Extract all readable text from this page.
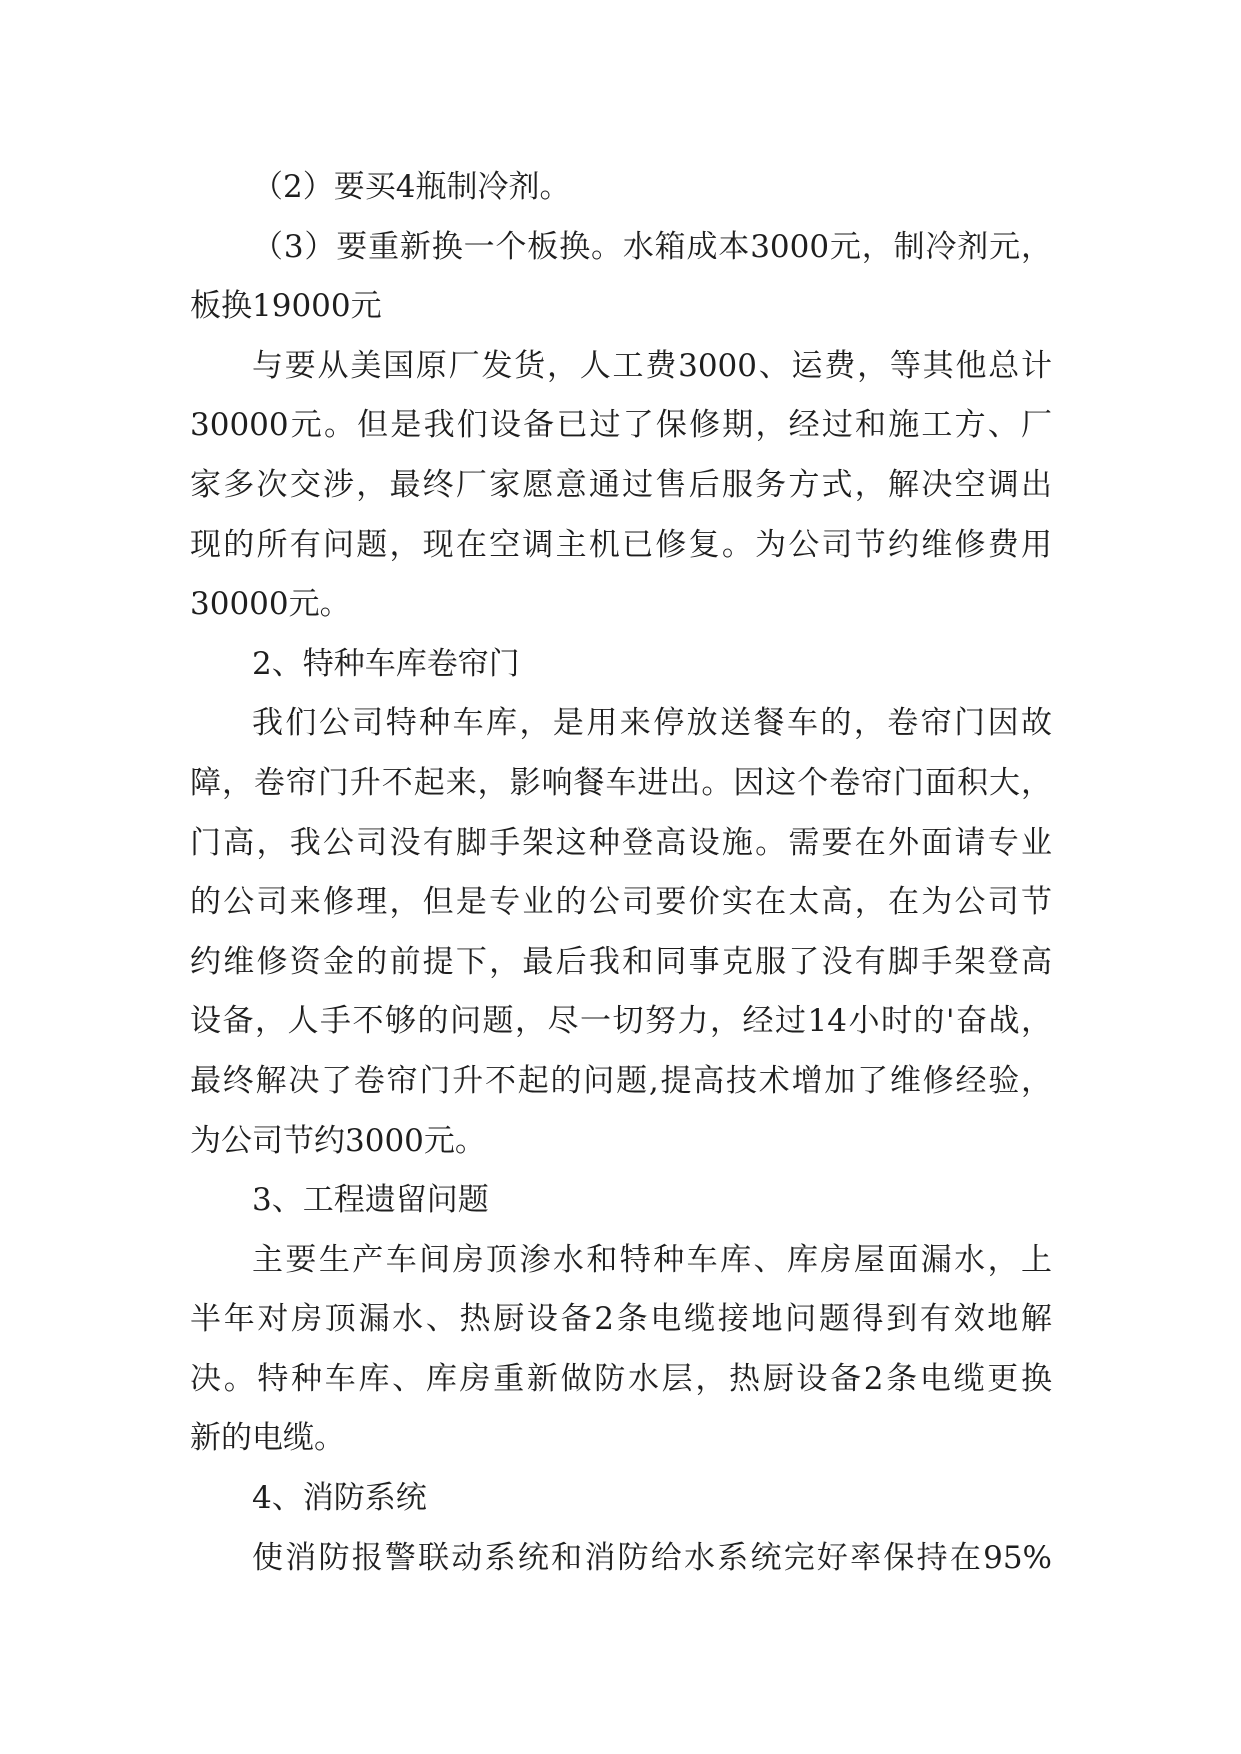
（2）要买4瓶制冷剂。
（3）要重新换一个板换。水箱成本3000元，制冷剂元，
板换19000元
与要从美国原厂发货，人工费3000、运费，等其他总计
30000元。但是我们设备已过了保修期，经过和施工方、厂
家多次交涉，最终厂家愿意通过售后服务方式，解决空调出
现的所有问题，现在空调主机已修复。为公司节约维修费用
30000元。
2、特种车库卷帘门
我们公司特种车库，是用来停放送餐车的，卷帘门因故
障，卷帘门升不起来，影响餐车进出。因这个卷帘门面积大，
门高，我公司没有脚手架这种登高设施。需要在外面请专业
的公司来修理，但是专业的公司要价实在太高，在为公司节
约维修资金的前提下，最后我和同事克服了没有脚手架登高
设备，人手不够的问题，尽一切努力，经过14小时的'奋战，
最终解决了卷帘门升不起的问题,提高技术增加了维修经验，
为公司节约3000元。
3、工程遗留问题
主要生产车间房顶渗水和特种车库、库房屋面漏水，上
半年对房顶漏水、热厨设备2条电缆接地问题得到有效地解
决。特种车库、库房重新做防水层，热厨设备2条电缆更换
新的电缆。
4、消防系统
使消防报警联动系统和消防给水系统完好率保持在95%
